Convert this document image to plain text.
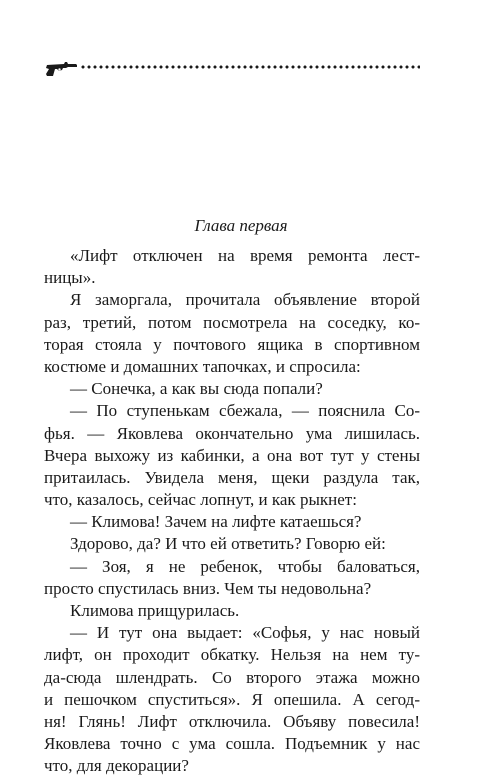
Глава первая
«Лифт отключен на время ремонта лест-
ницы».
Я заморгала, прочитала объявление второй
раз, третий, потом посмотрела на соседку, ко-
торая стояла у почтового ящика в спортивном
костюме и домашних тапочках, и спросила:
— Сонечка, а как вы сюда попали?
— По ступенькам сбежала, — пояснила Со-
фья. — Яковлева окончательно ума лишилась.
Вчера выхожу из кабинки, а она вот тут у стены
притаилась. Увидела меня, щеки раздула так,
что, казалось, сейчас лопнут, и как рыкнет:
— Климова! Зачем на лифте катаешься?
Здорово, да? И что ей ответить? Говорю ей:
— Зоя, я не ребенок, чтобы баловаться,
просто спустилась вниз. Чем ты недовольна?
Климова прищурилась.
— И тут она выдает: «Софья, у нас новый
лифт, он проходит обкатку. Нельзя на нем ту-
да-сюда шлендрать. Со второго этажа можно
и пешочком спуститься». Я опешила. А сегод-
ня! Глянь! Лифт отключила. Объяву повесила!
Яковлева точно с ума сошла. Подъемник у нас
что, для декорации?
